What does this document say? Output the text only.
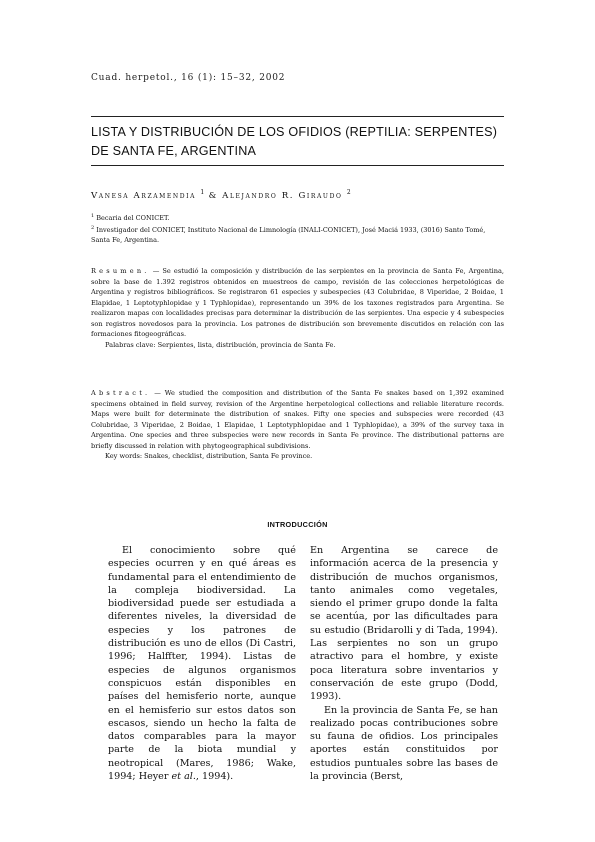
Cuad. herpetol., 16 (1): 15–32, 2002
LISTA Y DISTRIBUCIÓN DE LOS OFIDIOS (REPTILIA: SERPENTES)
DE SANTA FE, ARGENTINA
Vanesa Arzamendia $^1$ & Alejandro R. Giraudo $^2$
$^1$ Becaria del CONICET.
$^2$ Investigador del CONICET, Instituto Nacional de Limnología (INALI-CONICET), José Maciá 1933, (3016) Santo Tomé, Santa Fe, Argentina.

Resumen. — Se estudió la composición y distribución de las serpientes en la provincia de Santa Fe, Argentina, sobre la base de 1.392 registros obtenidos en muestreos de campo, revisión de las colecciones herpetológicas de Argentina y registros bibliográficos. Se registraron 61 especies y subespecies (43 Colubridae, 8 Viperidae, 2 Boidae, 1 Elapidae, 1 Leptotyphlopidae y 1 Typhlopidae), representando un 39% de los taxones registrados para Argentina. Se realizaron mapas con localidades precisas para determinar la distribución de las serpientes. Una especie y 4 subespecies son registros novedosos para la provincia. Los patrones de distribución son brevemente discutidos en relación con las formaciones fitogeográficas.

Palabras clave: Serpientes, lista, distribución, provincia de Santa Fe.

Abstract. — We studied the composition and distribution of the Santa Fe snakes based on 1,392 examined specimens obtained in field survey, revision of the Argentine herpetological collections and reliable literature records. Maps were built for determinate the distribution of snakes. Fifty one species and subspecies were recorded (43 Colubridae, 3 Viperidae, 2 Boidae, 1 Elapidae, 1 Leptotyphlopidae and 1 Typhlopidae), a 39% of the survey taxa in Argentina. One species and three subspecies were new records in Santa Fe province. The distributional patterns are briefly discussed in relation with phytogeographical subdivisions.

Key words: Snakes, checklist, distribution, Santa Fe province.

INTRODUCCIÓN

El conocimiento sobre qué especies ocurren y en qué áreas es fundamental para el entendimiento de la compleja biodiversidad. La biodiversidad puede ser estudiada a diferentes niveles, la diversidad de especies y los patrones de distribución es uno de ellos (Di Castri, 1996; Halffter, 1994). Listas de especies de algunos organismos conspicuos están disponibles en países del hemisferio norte, aunque en el hemisferio sur estos datos son escasos, siendo un hecho la falta de datos comparables para la mayor parte de la biota mundial y neotropical (Mares, 1986; Wake, 1994; Heyer et al., 1994).

En Argentina se carece de información acerca de la presencia y distribución de muchos organismos, tanto animales como vegetales, siendo el primer grupo donde la falta se acentúa, por las dificultades para su estudio (Bridarolli y di Tada, 1994). Las serpientes no son un grupo atractivo para el hombre, y existe poca literatura sobre inventarios y conservación de este grupo (Dodd, 1993).

En la provincia de Santa Fe, se han realizado pocas contribuciones sobre su fauna de ofidios. Los principales aportes están constituidos por estudios puntuales sobre las bases de la provincia (Berst,
